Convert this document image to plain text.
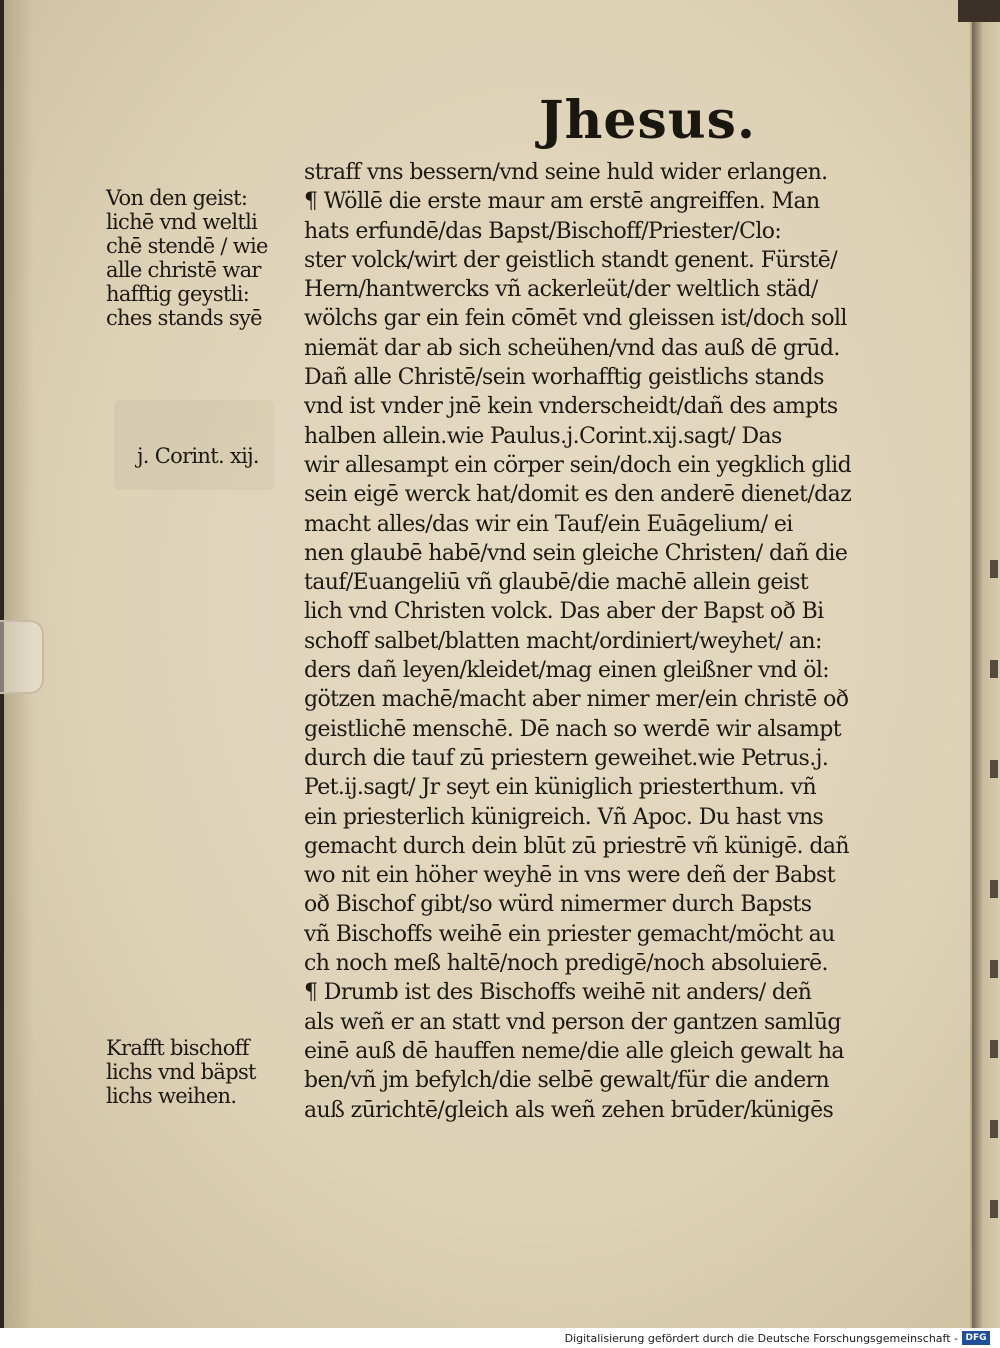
Jhesus.
Von den geist:
lichē vnd weltli
chē stendē / wie
alle christē war
hafftig geystli:
ches stands syē
j. Corint. xij.
Krafft bischoff
lichs vnd bäpst
lichs weihen.
straff vns bessern/vnd seine huld wider erlangen.
¶ Wöllē die erste maur am erstē angreiffen. Man
hats erfundē/das Bapst/Bischoff/Priester/Clo:
ster volck/wirt der geistlich standt genent. Fürstē/
Hern/hantwercks vñ ackerleüt/der weltlich städ/
wölchs gar ein fein cōmēt vnd gleissen ist/doch soll
niemät dar ab sich scheühen/vnd das auß dē grūd.
Dañ alle Christē/sein worhafftig geistlichs stands
vnd ist vnder jnē kein vnderscheidt/dañ des ampts
halben allein.wie Paulus.j.Corint.xij.sagt/ Das
wir allesampt ein cörper sein/doch ein yegklich glid
sein eigē werck hat/domit es den anderē dienet/daz
macht alles/das wir ein Tauf/ein Euāgelium/ ei
nen glaubē habē/vnd sein gleiche Christen/ dañ die
tauf/Euangeliū vñ glaubē/die machē allein geist
lich vnd Christen volck. Das aber der Bapst oð Bi
schoff salbet/blatten macht/ordiniert/weyhet/ an:
ders dañ leyen/kleidet/mag einen gleißner vnd öl:
götzen machē/macht aber nimer mer/ein christē oð
geistlichē menschē. Dē nach so werdē wir alsampt
durch die tauf zū priestern geweihet.wie Petrus.j.
Pet.ij.sagt/ Jr seyt ein küniglich priesterthum. vñ
ein priesterlich künigreich. Vñ Apoc. Du hast vns
gemacht durch dein blūt zū priestrē vñ künigē. dañ
wo nit ein höher weyhē in vns were deñ der Babst
oð Bischof gibt/so würd nimermer durch Bapsts
vñ Bischoffs weihē ein priester gemacht/möcht au
ch noch meß haltē/noch predigē/noch absoluierē.
¶ Drumb ist des Bischoffs weihē nit anders/ deñ
als weñ er an statt vnd person der gantzen samlūg
einē auß dē hauffen neme/die alle gleich gewalt ha
ben/vñ jm befylch/die selbē gewalt/für die andern
auß zūrichtē/gleich als weñ zehen brūder/künigēs
Digitalisierung gefördert durch die Deutsche Forschungsgemeinschaft - DFG
